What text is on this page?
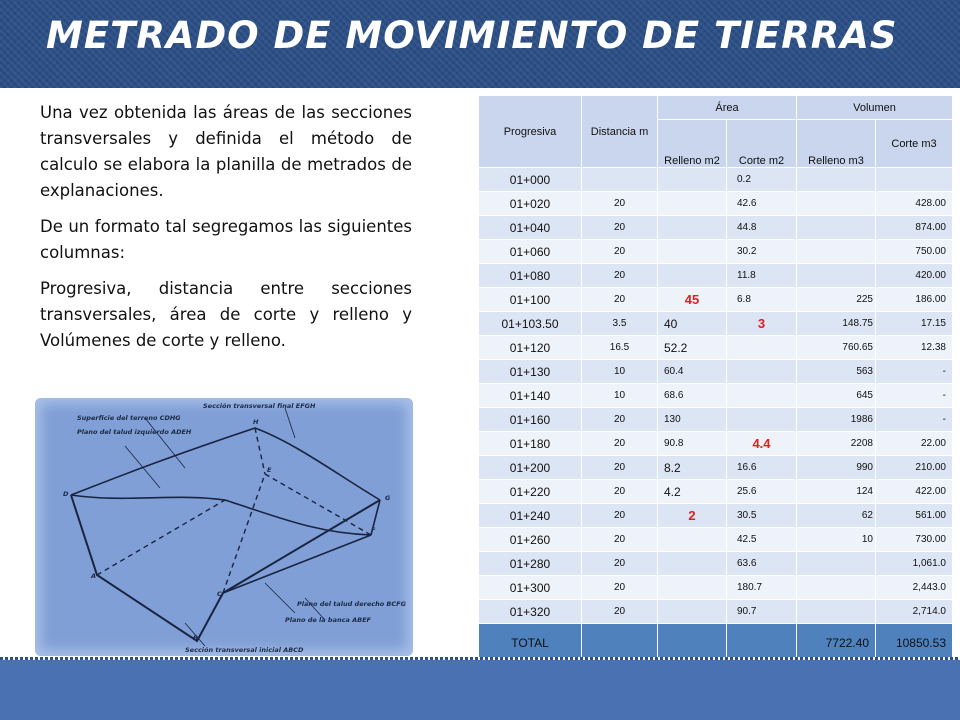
METRADO DE MOVIMIENTO DE TIERRAS

Una vez obtenida las áreas de las secciones transversales y definida el método de calculo se elabora la planilla de metrados de explanaciones.

De un formato tal segregamos las siguientes columnas:

Progresiva, distancia entre secciones transversales, área de corte y relleno y Volúmenes de corte y relleno.

Sección transversal final EFGH
Superficie del terreno CDHG
Plano del talud izquierdo ADEH
Plano del talud derecho BCFG
Plano de la banca ABEF
Sección transversal inicial ABCD
H
E
D	G
F
A
C
B
Progresiva	Distancia m	Área		Volumen	
		Relleno m2	Corte m2	Relleno m3	Corte m3
01+000			0.2		
01+020	20		42.6		428.00
01+040	20		44.8		874.00
01+060	20		30.2		750.00
01+080	20		11.8		420.00
01+100	20	45	6.8	225	186.00
01+103.50	3.5	40	3	148.75	17.15
01+120	16.5	52.2		760.65	12.38
01+130	10	60.4		563	-
01+140	10	68.6		645	-
01+160	20	130		1986	-
01+180	20	90.8	4.4	2208	22.00
01+200	20	8.2	16.6	990	210.00
01+220	20	4.2	25.6	124	422.00
01+240	20	2	30.5	62	561.00
01+260	20		42.5	10	730.00
01+280	20		63.6		1,061.0
01+300	20		180.7		2,443.0
01+320	20		90.7		2,714.0
TOTAL				7722.40	10850.53
